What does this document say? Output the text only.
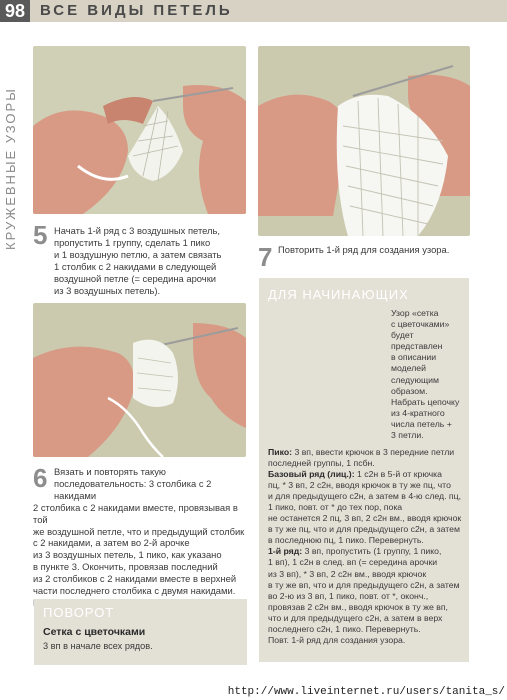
98 ВСЕ ВИДЫ ПЕТЕЛЬ
КРУЖЕВНЫЕ УЗОРЫ 5 Начать 1-й ряд с 3 воздушных петель,

пропустить 1 группу, сделать 1 пико

и 1 воздушную петлю, а затем связать

1 столбик с 2 накидами в следующей

воздушной петле (= середина арочки

из 3 воздушных петель).

7 Повторить 1-й ряд для создания узора.

6 Вязать и повторять такую

последовательность: 3 столбика с 2 накидами

2 столбика с 2 накидами вместе, провязывая в той

же воздушной петле, что и предыдущий столбик

с 2 накидами, а затем во 2-й арочке

из 3 воздушных петель, 1 пико, как указано

в пункте 3. Окончить, провязав последний

из 2 столбиков с 2 накидами вместе в верхней

части последнего столбика с двумя накидами.

ДЛЯ НАЧИНАЮЩИХ

Узор «сетка

с цветочками»

будет

представлен

в описании

моделей

следующим

образом.

Набрать цепочку

из 4-кратного

числа петель +

3 петли.

Пико: 3 вп, ввести крючок в 3 передние петли

последней группы, 1 псбн.

Базовый ряд (лиц.): 1 с2н в 5-й от крючка

пц, * 3 вп, 2 с2н, вводя крючок в ту же пц, что

и для предыдущего с2н, а затем в 4-ю след. пц,

1 пико, повт. от * до тех пор, пока

не останется 2 пц, 3 вп, 2 с2н вм., вводя крючок

в ту же пц, что и для предыдущего с2н, а затем

в последнюю пц, 1 пико. Перевернуть.

1-й ряд: 3 вп, пропустить (1 группу, 1 пико,

1 вп), 1 с2н в след. вп (= середина арочки

из 3 вп), * 3 вп, 2 с2н вм., вводя крючок

в ту же вп, что и для предыдущего с2н, а затем

во 2-ю из 3 вп, 1 пико, повт. от *, оконч.,

провязав 2 с2н вм., вводя крючок в ту же вп,

что и для предыдущего с2н, а затем в верх

последнего с2н, 1 пико. Перевернуть.

Повт. 1-й ряд для создания узора.

ПОВОРОТ
Сетка с цветочками
3 вп в начале всех рядов.
http://www.liveinternet.ru/users/tanita_s/
